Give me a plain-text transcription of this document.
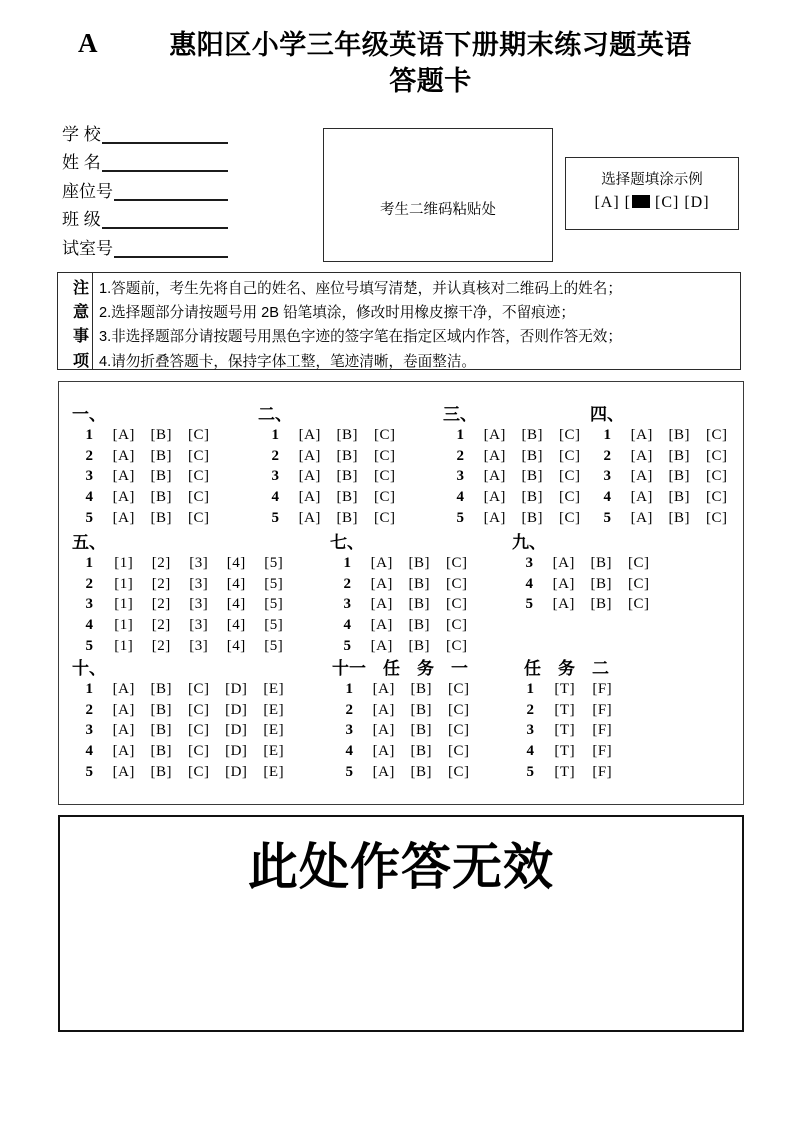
A	惠阳区小学三年级英语下册期末练习题英语
答题卡
学 校
姓 名
座位号
班 级
试室号
考生二维码粘贴处
选择题填涂示例
[A] [ [C] [D]
注意事项
1.答题前，考生先将自己的姓名、座位号填写清楚，并认真核对二维码上的姓名；
2.选择题部分请按题号用 2B 铅笔填涂，修改时用橡皮擦干净，不留痕迹；
3.非选择题部分请按题号用黑色字迹的签字笔在指定区域内作答，否则作答无效；
4.请勿折叠答题卡，保持字体工整，笔迹清晰，卷面整洁。
一、
1	[A]	[B]	[C]
2	[A]	[B]	[C]
3	[A]	[B]	[C]
4	[A]	[B]	[C]
5	[A]	[B]	[C]
二、
1	[A]	[B]	[C]
2	[A]	[B]	[C]
3	[A]	[B]	[C]
4	[A]	[B]	[C]
5	[A]	[B]	[C]
三、
1	[A]	[B]	[C]
2	[A]	[B]	[C]
3	[A]	[B]	[C]
4	[A]	[B]	[C]
5	[A]	[B]	[C]
四、
1	[A]	[B]	[C]
2	[A]	[B]	[C]
3	[A]	[B]	[C]
4	[A]	[B]	[C]
5	[A]	[B]	[C]
五、
1	[1]	[2]	[3]	[4]	[5]
2	[1]	[2]	[3]	[4]	[5]
3	[1]	[2]	[3]	[4]	[5]
4	[1]	[2]	[3]	[4]	[5]
5	[1]	[2]	[3]	[4]	[5]
七、
1	[A]	[B]	[C]
2	[A]	[B]	[C]
3	[A]	[B]	[C]
4	[A]	[B]	[C]
5	[A]	[B]	[C]
九、
3	[A]	[B]	[C]
4	[A]	[B]	[C]
5	[A]	[B]	[C]
十、
1	[A]	[B]	[C]	[D]	[E]
2	[A]	[B]	[C]	[D]	[E]
3	[A]	[B]	[C]	[D]	[E]
4	[A]	[B]	[C]	[D]	[E]
5	[A]	[B]	[C]	[D]	[E]
十一　任　务　一
1	[A]	[B]	[C]
2	[A]	[B]	[C]
3	[A]	[B]	[C]
4	[A]	[B]	[C]
5	[A]	[B]	[C]
任　务　二
1	[T]	[F]
2	[T]	[F]
3	[T]	[F]
4	[T]	[F]
5	[T]	[F]
此处作答无效
